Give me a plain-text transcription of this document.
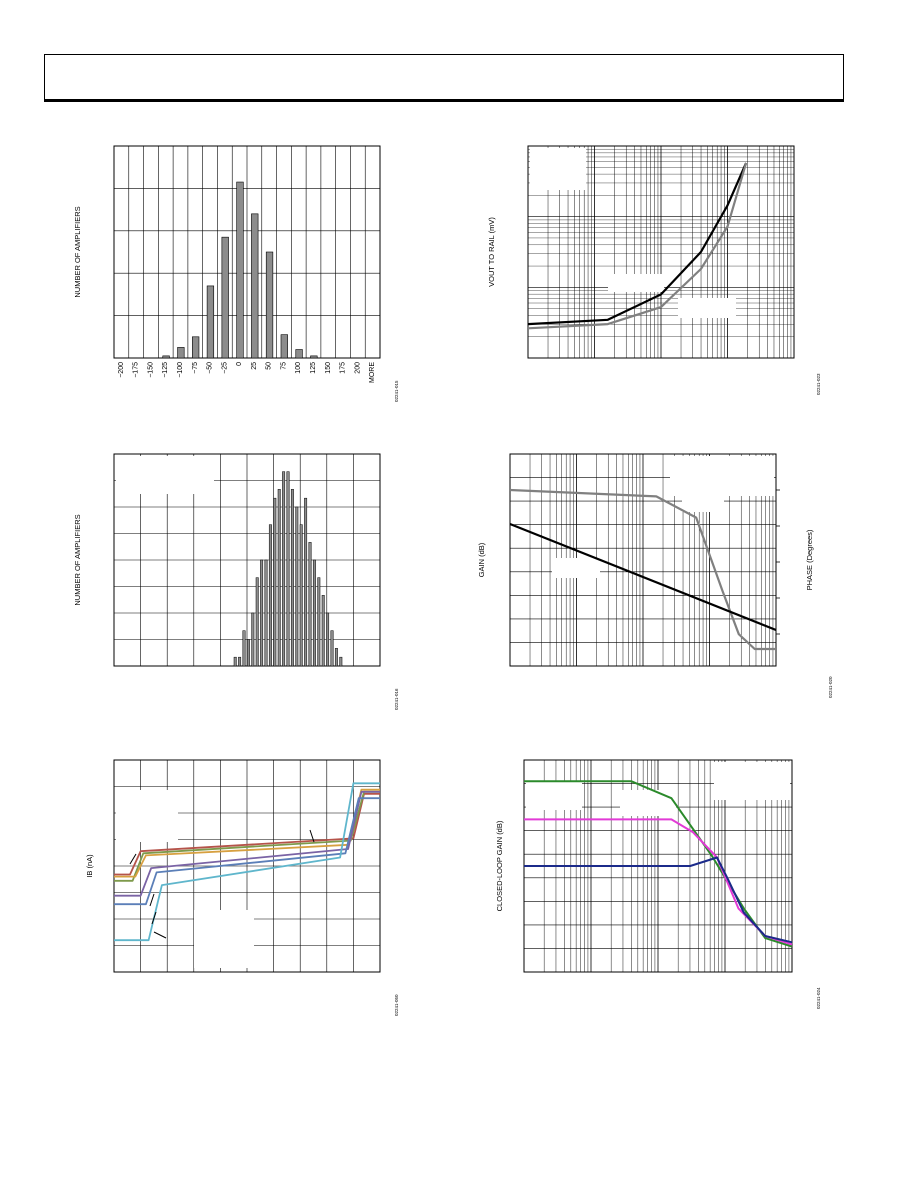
NUMBER OF AMPLIFIERS
02241-015
−200 −175 −150 −125 −100 −75 −50 −25 0 25 50 75 100 125 150 175 200 MORE
NUMBER OF AMPLIFIERS
02241-016
IB (nA)
02241-050
VOUT TO RAIL (mV)
02241-023
GAIN (dB)	PHASE (Degrees)
02241-020
CLOSED-LOOP GAIN (dB)
02241-024
